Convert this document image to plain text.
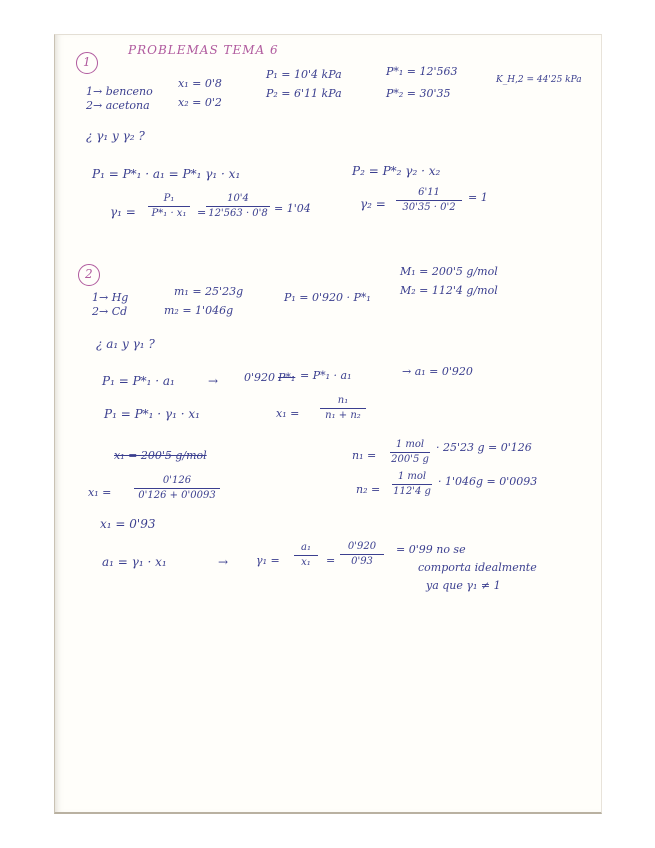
1
PROBLEMAS TEMA 6
1→ benceno
2→ acetona
x₁ = 0'8
x₂ = 0'2
P₁ = 10'4 kPa
P₂ = 6'11 kPa
P*₁ = 12'563
P*₂ = 30'35
K_H,2 = 44'25 kPa
¿ γ₁ y γ₂ ?
P₁ = P*₁ · a₁ = P*₁ γ₁ · x₁	P₂ = P*₂ γ₂ · x₂
γ₁ =
P₁
P*₁ · x₁ =
10'4
12'563 · 0'8 = 1'04	γ₂ =
6'11
30'35 · 0'2
= 1
2
1→ Hg
2→ Cd
m₁ = 25'23g
m₂ = 1'046g
P₁ = 0'920 · P*₁
M₁ = 200'5 g/mol
M₂ = 112'4 g/mol
¿ a₁ y γ₁ ?
P₁ = P*₁ · a₁	→ 0'920 P*₁ = P*₁ · a₁	→ a₁ = 0'920
P₁ = P*₁ · γ₁ · x₁	x₁ =
n₁
n₁ + n₂
x₁ = 200'5 g/mol	n₁ =
1 mol
200'5 g
· 25'23 g = 0'126
x₁ =
0'126
0'126 + 0'0093	n₂ =
1 mol
112'4 g
· 1'046g = 0'0093
x₁ = 0'93
a₁ = γ₁ · x₁	→	γ₁ =
a₁
x₁	=
0'920
0'93
= 0'99 no se
comporta idealmente
ya que γ₁ ≠ 1
